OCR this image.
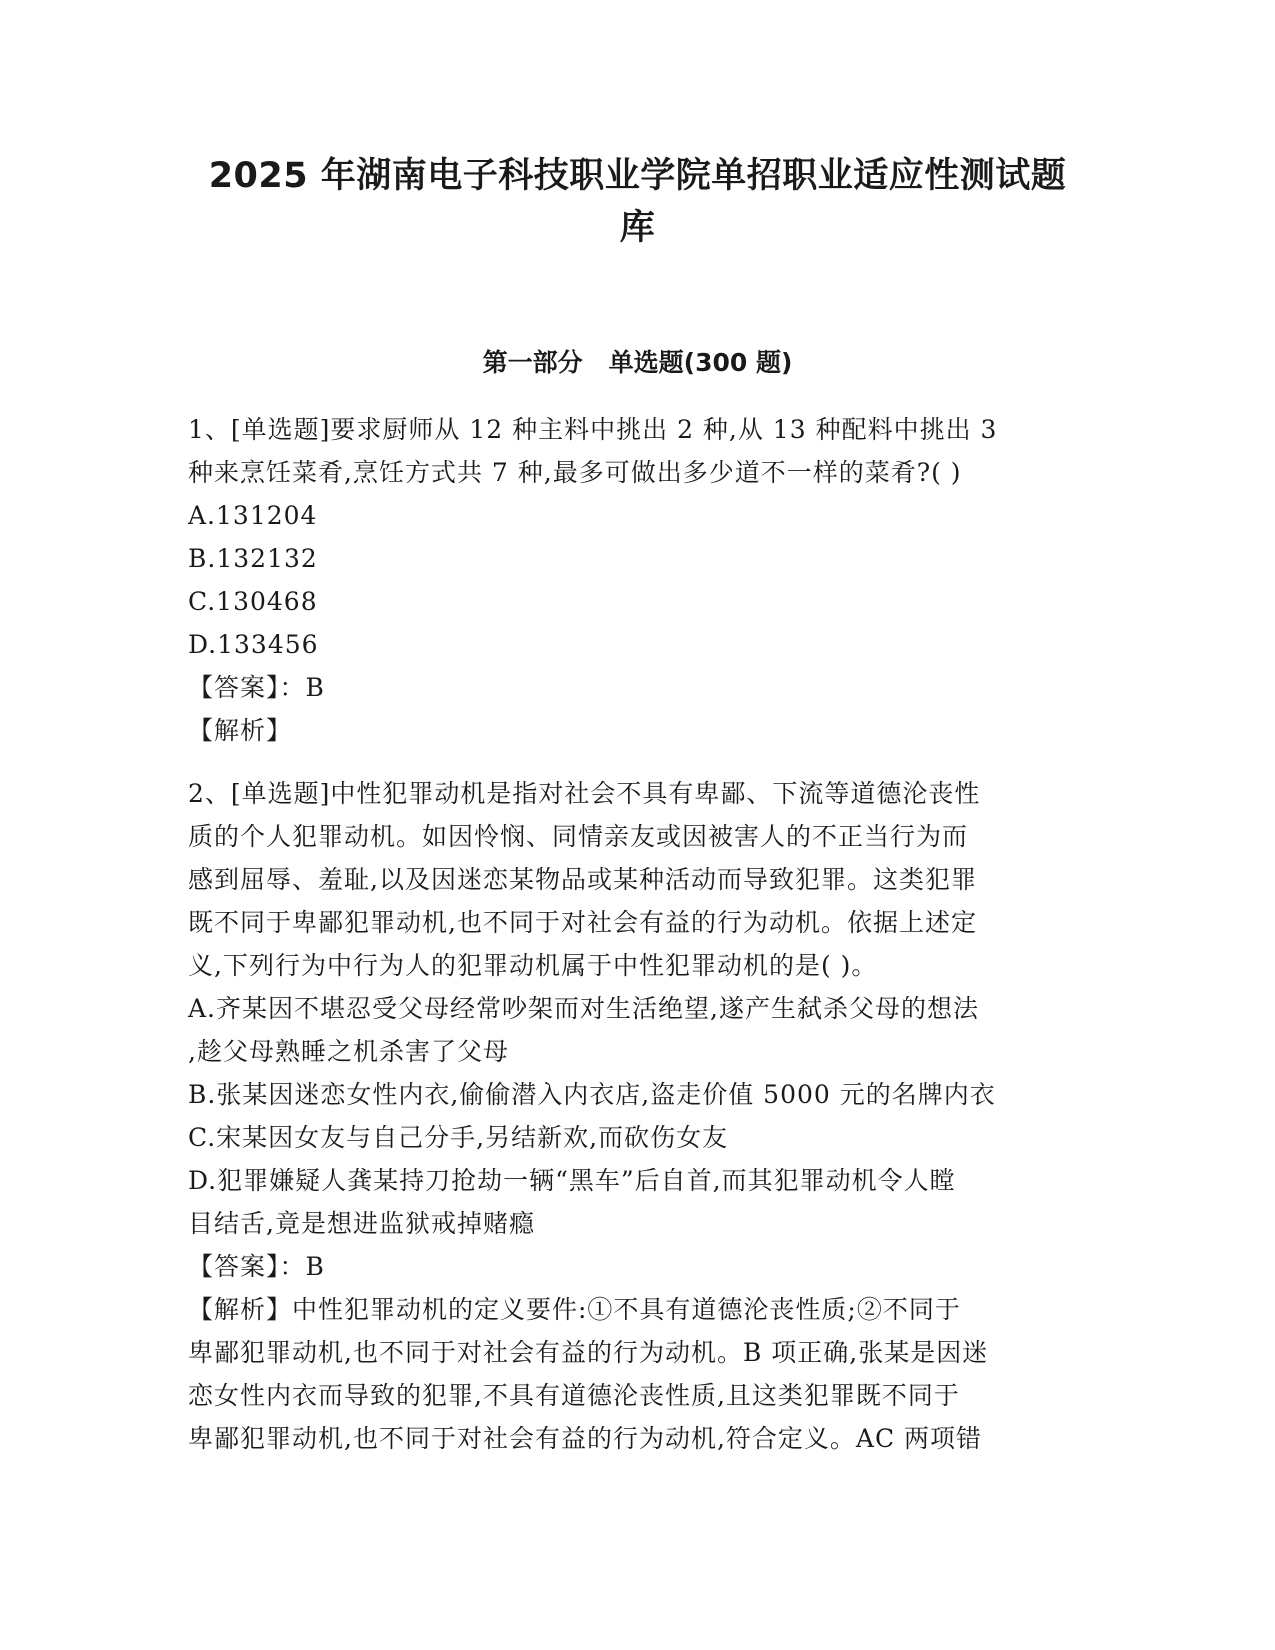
2025 年湖南电子科技职业学院单招职业适应性测试题
库
第一部分   单选题(300 题)
1、[单选题]要求厨师从 12 种主料中挑出 2 种,从 13 种配料中挑出 3
种来烹饪菜肴,烹饪方式共 7 种,最多可做出多少道不一样的菜肴?( )
A.131204
B.132132
C.130468
D.133456
【答案】：B
【解析】
2、[单选题]中性犯罪动机是指对社会不具有卑鄙、下流等道德沦丧性
质的个人犯罪动机。如因怜悯、同情亲友或因被害人的不正当行为而
感到屈辱、羞耻,以及因迷恋某物品或某种活动而导致犯罪。这类犯罪
既不同于卑鄙犯罪动机,也不同于对社会有益的行为动机。依据上述定
义,下列行为中行为人的犯罪动机属于中性犯罪动机的是( )。
A.齐某因不堪忍受父母经常吵架而对生活绝望,遂产生弑杀父母的想法
,趁父母熟睡之机杀害了父母
B.张某因迷恋女性内衣,偷偷潜入内衣店,盗走价值 5000 元的名牌内衣
C.宋某因女友与自己分手,另结新欢,而砍伤女友
D.犯罪嫌疑人龚某持刀抢劫一辆“黑车”后自首,而其犯罪动机令人瞠
目结舌,竟是想进监狱戒掉赌瘾
【答案】：B
【解析】中性犯罪动机的定义要件:①不具有道德沦丧性质;②不同于
卑鄙犯罪动机,也不同于对社会有益的行为动机。B 项正确,张某是因迷
恋女性内衣而导致的犯罪,不具有道德沦丧性质,且这类犯罪既不同于
卑鄙犯罪动机,也不同于对社会有益的行为动机,符合定义。AC 两项错
